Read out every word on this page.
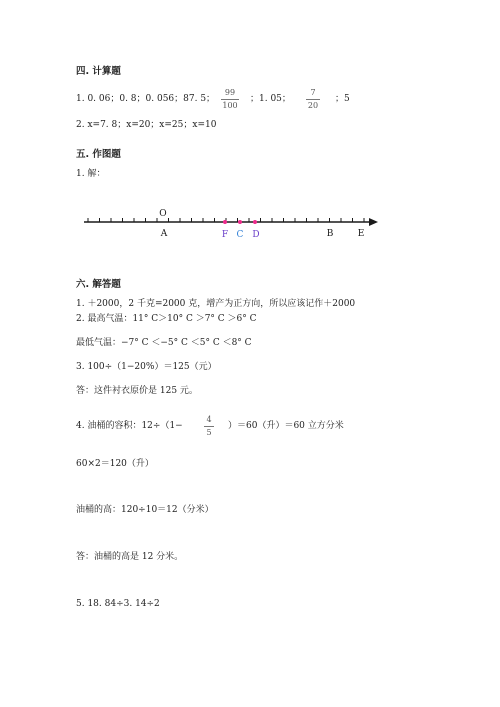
四. 计算题
1. 0. 06；0. 8；0. 056；87. 5；
99
100
；1. 05；
7
20
；5
2. x=7. 8；x=20；x=25；x=10
五. 作图题
1. 解：
O
A	F C D	B	E
六. 解答题
1. ＋2000，2 千克=2000 克，增产为正方向，所以应该记作＋2000
2. 最高气温：11° C＞10° C ＞7° C ＞6° C
最低气温：−7° C ＜−5° C ＜5° C ＜8° C
3. 100÷（1−20%）＝125（元）
答：这件衬衣原价是 125 元。
4. 油桶的容积：12÷（1−
4
5
）＝60（升）＝60 立方分米
60×2＝120（升）
油桶的高：120÷10＝12（分米）
答：油桶的高是 12 分米。
5. 18. 84÷3. 14÷2
